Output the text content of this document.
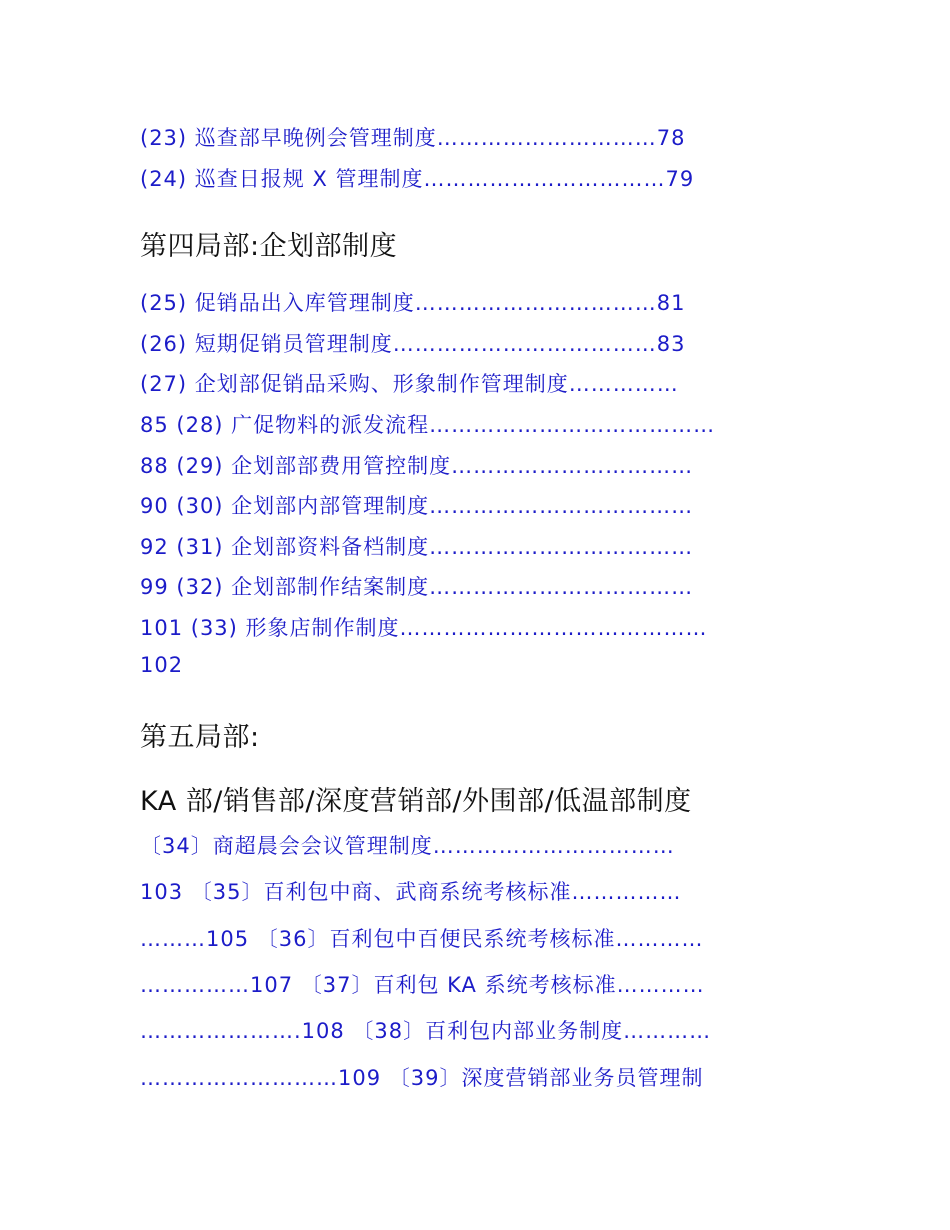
(23) 巡查部早晚例会管理制度…………………………78
(24) 巡查日报规 X 管理制度……………………………79
第四局部:企划部制度
(25) 促销品出入库管理制度……………………………81
(26) 短期促销员管理制度………………………………83
(27) 企划部促销品采购、形象制作管理制度……………
85 (28) 广促物料的派发流程…………………………………
88 (29) 企划部部费用管控制度……………………………
90 (30) 企划部内部管理制度………………………………
92 (31) 企划部资料备档制度………………………………
99 (32) 企划部制作结案制度………………………………
101 (33) 形象店制作制度……………………………………
102
第五局部:
KA 部/销售部/深度营销部/外围部/低温部制度
〔34〕商超晨会会议管理制度……………………………
103 〔35〕百利包中商、武商系统考核标准……………
………105 〔36〕百利包中百便民系统考核标准…………
……………107 〔37〕百利包 KA 系统考核标准…………
………………….108 〔38〕百利包内部业务制度…………
………………………109 〔39〕深度营销部业务员管理制
